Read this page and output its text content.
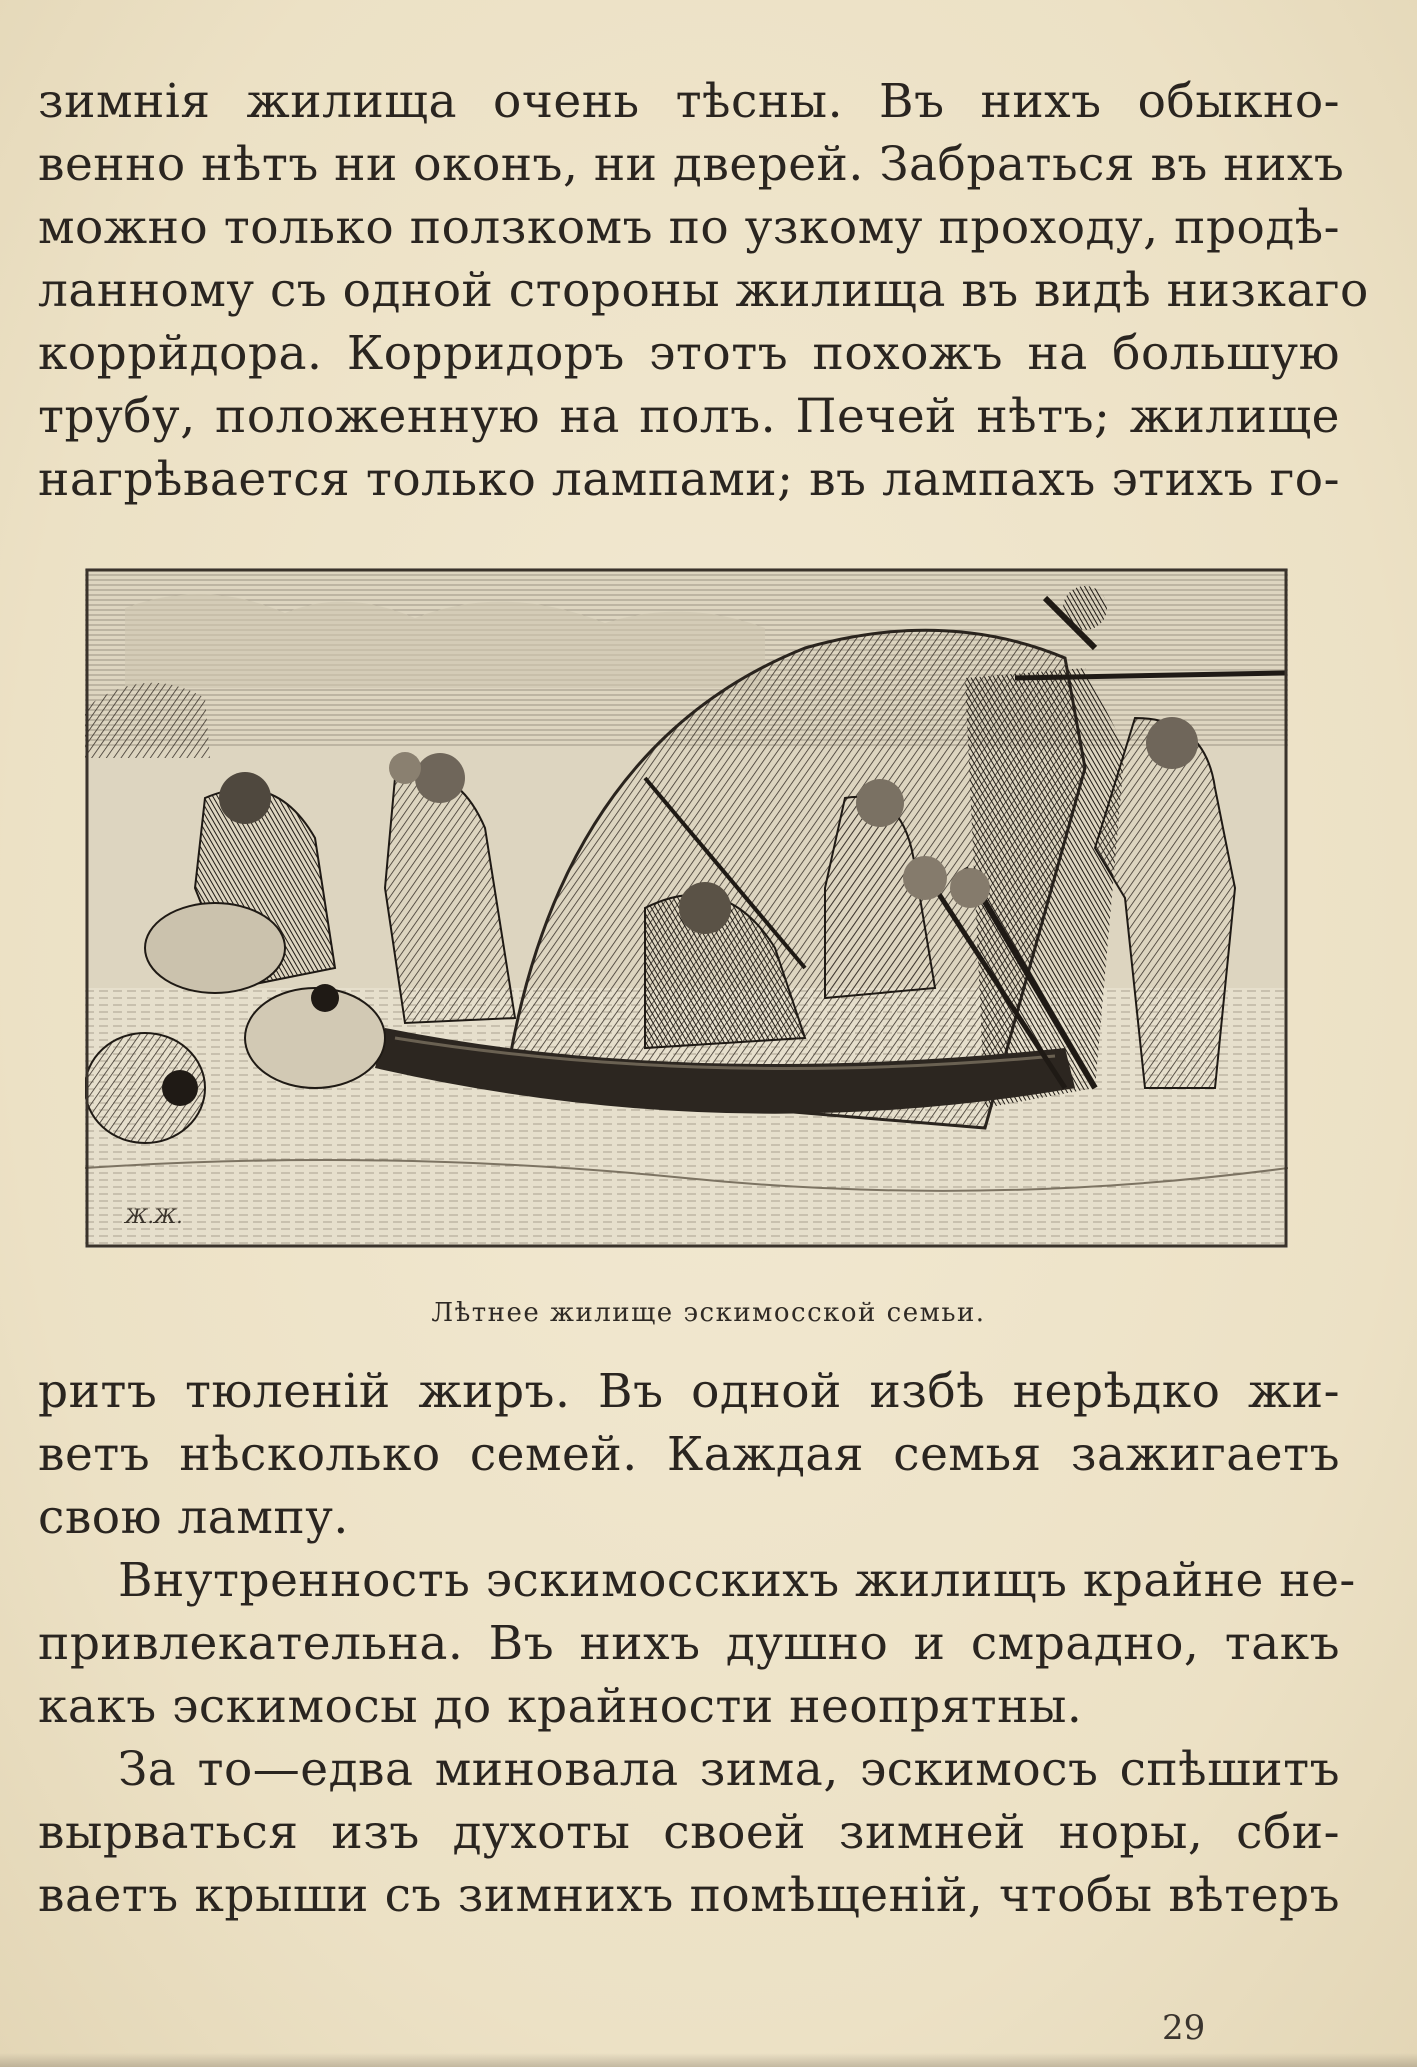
зимнія жилища очень тѣсны. Въ нихъ обыкно-
венно нѣтъ ни оконъ, ни дверей. Забраться въ нихъ
можно только ползкомъ по узкому проходу, продѣ-
ланному съ одной стороны жилища въ видѣ низкаго
коррйдора. Корридоръ этотъ похожъ на большую
трубу, положенную на полъ. Печей нѣтъ; жилище
нагрѣвается только лампами; въ лампахъ этихъ го-
Ж.Ж.
Лѣтнее жилище эскимосской семьи.
ритъ тюленій жиръ. Въ одной избѣ нерѣдко жи-
ветъ нѣсколько семей. Каждая семья зажигаетъ
свою лампу.
Внутренность эскимосскихъ жилищъ крайне не-
привлекательна. Въ нихъ душно и смрадно, такъ
какъ эскимосы до крайности неопрятны.
За то—едва миновала зима, эскимосъ спѣшитъ
вырваться изъ духоты своей зимней норы, сби-
ваетъ крыши съ зимнихъ помѣщеній, чтобы вѣтеръ
29
